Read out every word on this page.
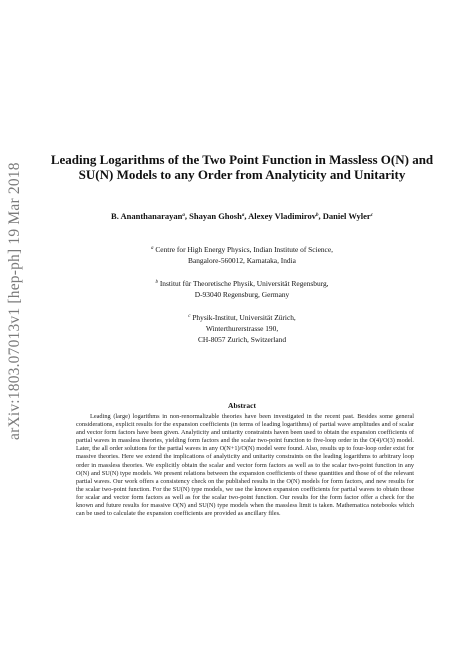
arXiv:1803.07013v1 [hep-ph] 19 Mar 2018
Leading Logarithms of the Two Point Function in Massless O(N) and SU(N) Models to any Order from Analyticity and Unitarity
B. Ananthanarayan$^a$, Shayan Ghosh$^a$, Alexey Vladimirov$^b$, Daniel Wyler$^c$
$^a$ Centre for High Energy Physics, Indian Institute of Science,
Bangalore-560012, Karnataka, India
$^b$ Institut für Theoretische Physik, Universität Regensburg,
D-93040 Regensburg, Germany
$^c$ Physik-Institut, Universität Zürich,
Winterthurerstrasse 190,
CH-8057 Zurich, Switzerland
Abstract
Leading (large) logarithms in non-renormalizable theories have been investigated in the recent past. Besides some general considerations, explicit results for the expansion coefficients (in terms of leading logarithms) of partial wave amplitudes and of scalar and vector form factors have been given. Analyticity and unitarity constraints haven been used to obtain the expansion coefficients of partial waves in massless theories, yielding form factors and the scalar two-point function to five-loop order in the O(4)/O(3) model. Later, the all order solutions for the partial waves in any O(N+1)/O(N) model were found. Also, results up to four-loop order exist for massive theories. Here we extend the implications of analyticity and unitarity constraints on the leading logarithms to arbitrary loop order in massless theories. We explicitly obtain the scalar and vector form factors as well as to the scalar two-point function in any O(N) and SU(N) type models. We present relations between the expansion coefficients of these quantities and those of of the relevant partial waves. Our work offers a consistency check on the published results in the O(N) models for form factors, and new results for the scalar two-point function. For the SU(N) type models, we use the known expansion coefficients for partial waves to obtain those for scalar and vector form factors as well as for the scalar two-point function. Our results for the form factor offer a check for the known and future results for massive O(N) and SU(N) type models when the massless limit is taken. Mathematica notebooks which can be used to calculate the expansion coefficients are provided as ancillary files.
